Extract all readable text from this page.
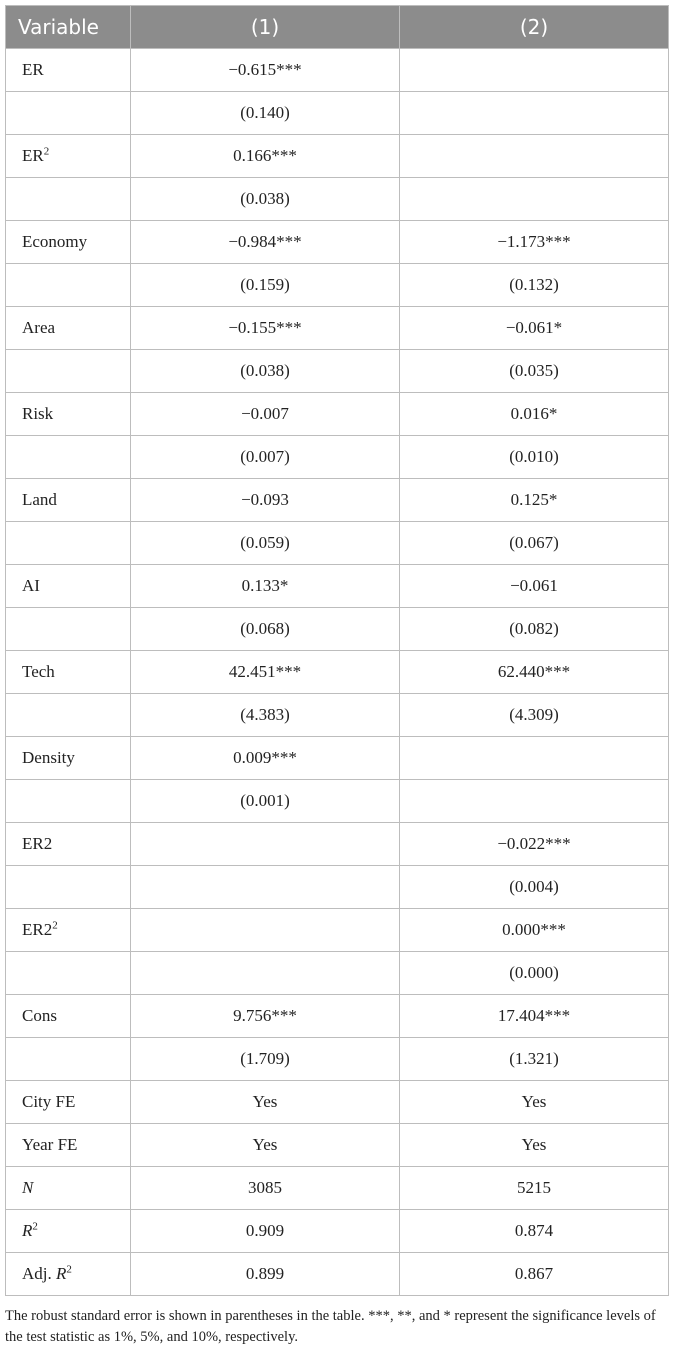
Variable	(1)	(2)
ER	−0.615***	
	(0.140)	
$ER^2$	0.166***	
	(0.038)	
Economy	−0.984***	−1.173***
	(0.159)	(0.132)
Area	−0.155***	−0.061*
	(0.038)	(0.035)
Risk	−0.007	0.016*
	(0.007)	(0.010)
Land	−0.093	0.125*
	(0.059)	(0.067)
AI	0.133*	−0.061
	(0.068)	(0.082)
Tech	42.451***	62.440***
	(4.383)	(4.309)
Density	0.009***	
	(0.001)	
ER2		−0.022***
		(0.004)
$ER2^2$		0.000***
		(0.000)
Cons	9.756***	17.404***
	(1.709)	(1.321)
City FE	Yes	Yes
Year FE	Yes	Yes
N	3085	5215
$R^2$	0.909	0.874
Adj. $R^2$	0.899	0.867
The robust standard error is shown in parentheses in the table. ***, **, and * represent the significance levels of the test statistic as 1%, 5%, and 10%, respectively.
